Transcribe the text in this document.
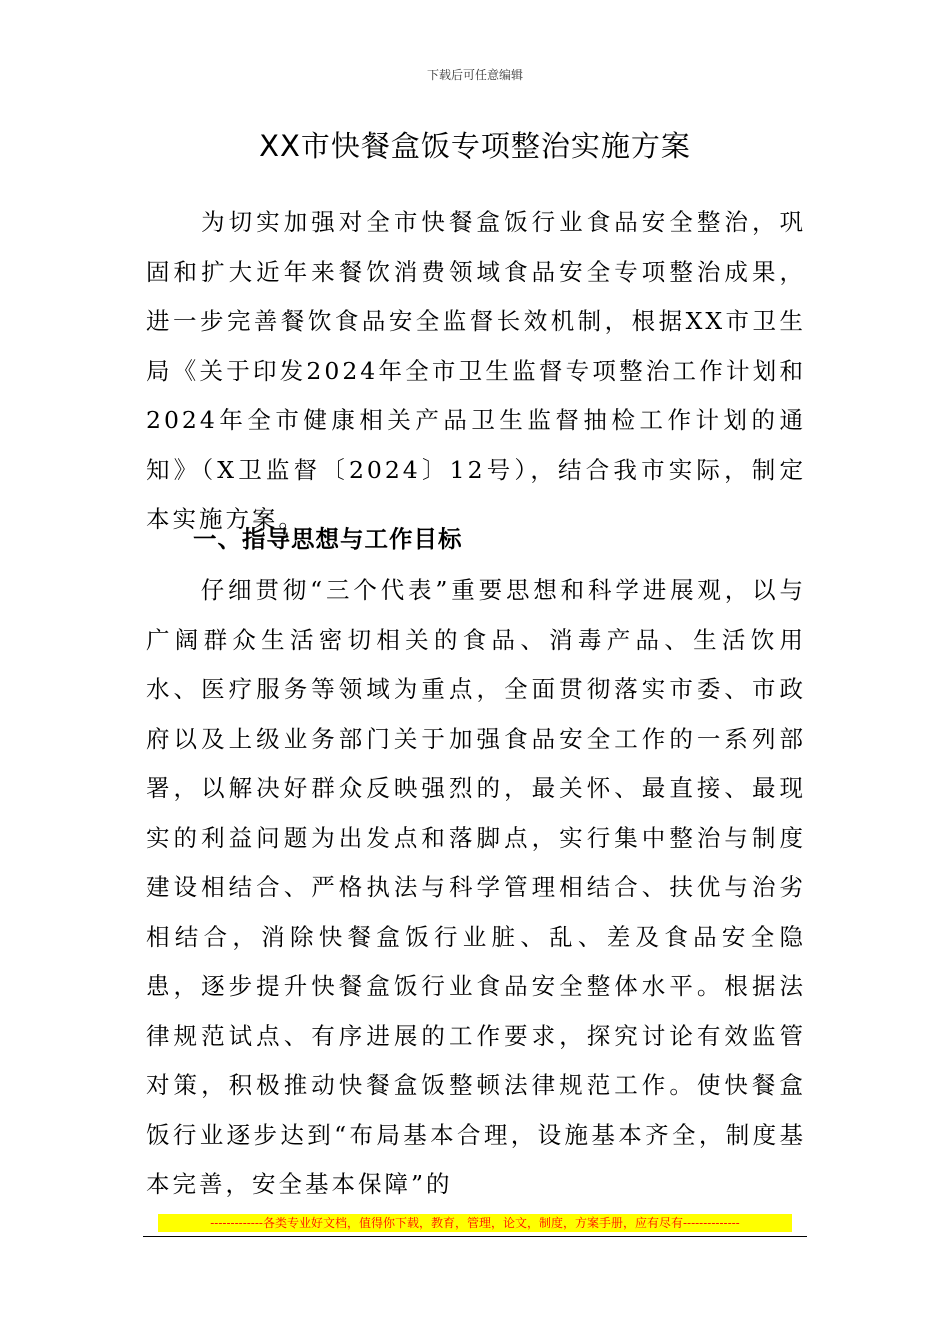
下载后可任意编辑
XX市快餐盒饭专项整治实施方案

　　为切实加强对全市快餐盒饭行业食品安全整治，巩固和扩大近年来餐饮消费领域食品安全专项整治成果，进一步完善餐饮食品安全监督长效机制，根据XX市卫生局《关于印发2024年全市卫生监督专项整治工作计划和2024年全市健康相关产品卫生监督抽检工作计划的通知》（X卫监督〔2024〕12号），结合我市实际，制定本实施方案。

一、指导思想与工作目标

　　仔细贯彻“三个代表”重要思想和科学进展观，以与广阔群众生活密切相关的食品、消毒产品、生活饮用水、医疗服务等领域为重点，全面贯彻落实市委、市政府以及上级业务部门关于加强食品安全工作的一系列部署，以解决好群众反映强烈的，最关怀、最直接、最现实的利益问题为出发点和落脚点，实行集中整治与制度建设相结合、严格执法与科学管理相结合、扶优与治劣相结合，消除快餐盒饭行业脏、乱、差及食品安全隐患，逐步提升快餐盒饭行业食品安全整体水平。根据法律规范试点、有序进展的工作要求，探究讨论有效监管对策，积极推动快餐盒饭整顿法律规范工作。使快餐盒饭行业逐步达到“布局基本合理，设施基本齐全，制度基本完善，安全基本保障”的

-------------各类专业好文档，值得你下载，教育，管理，论文，制度，方案手册，应有尽有--------------
